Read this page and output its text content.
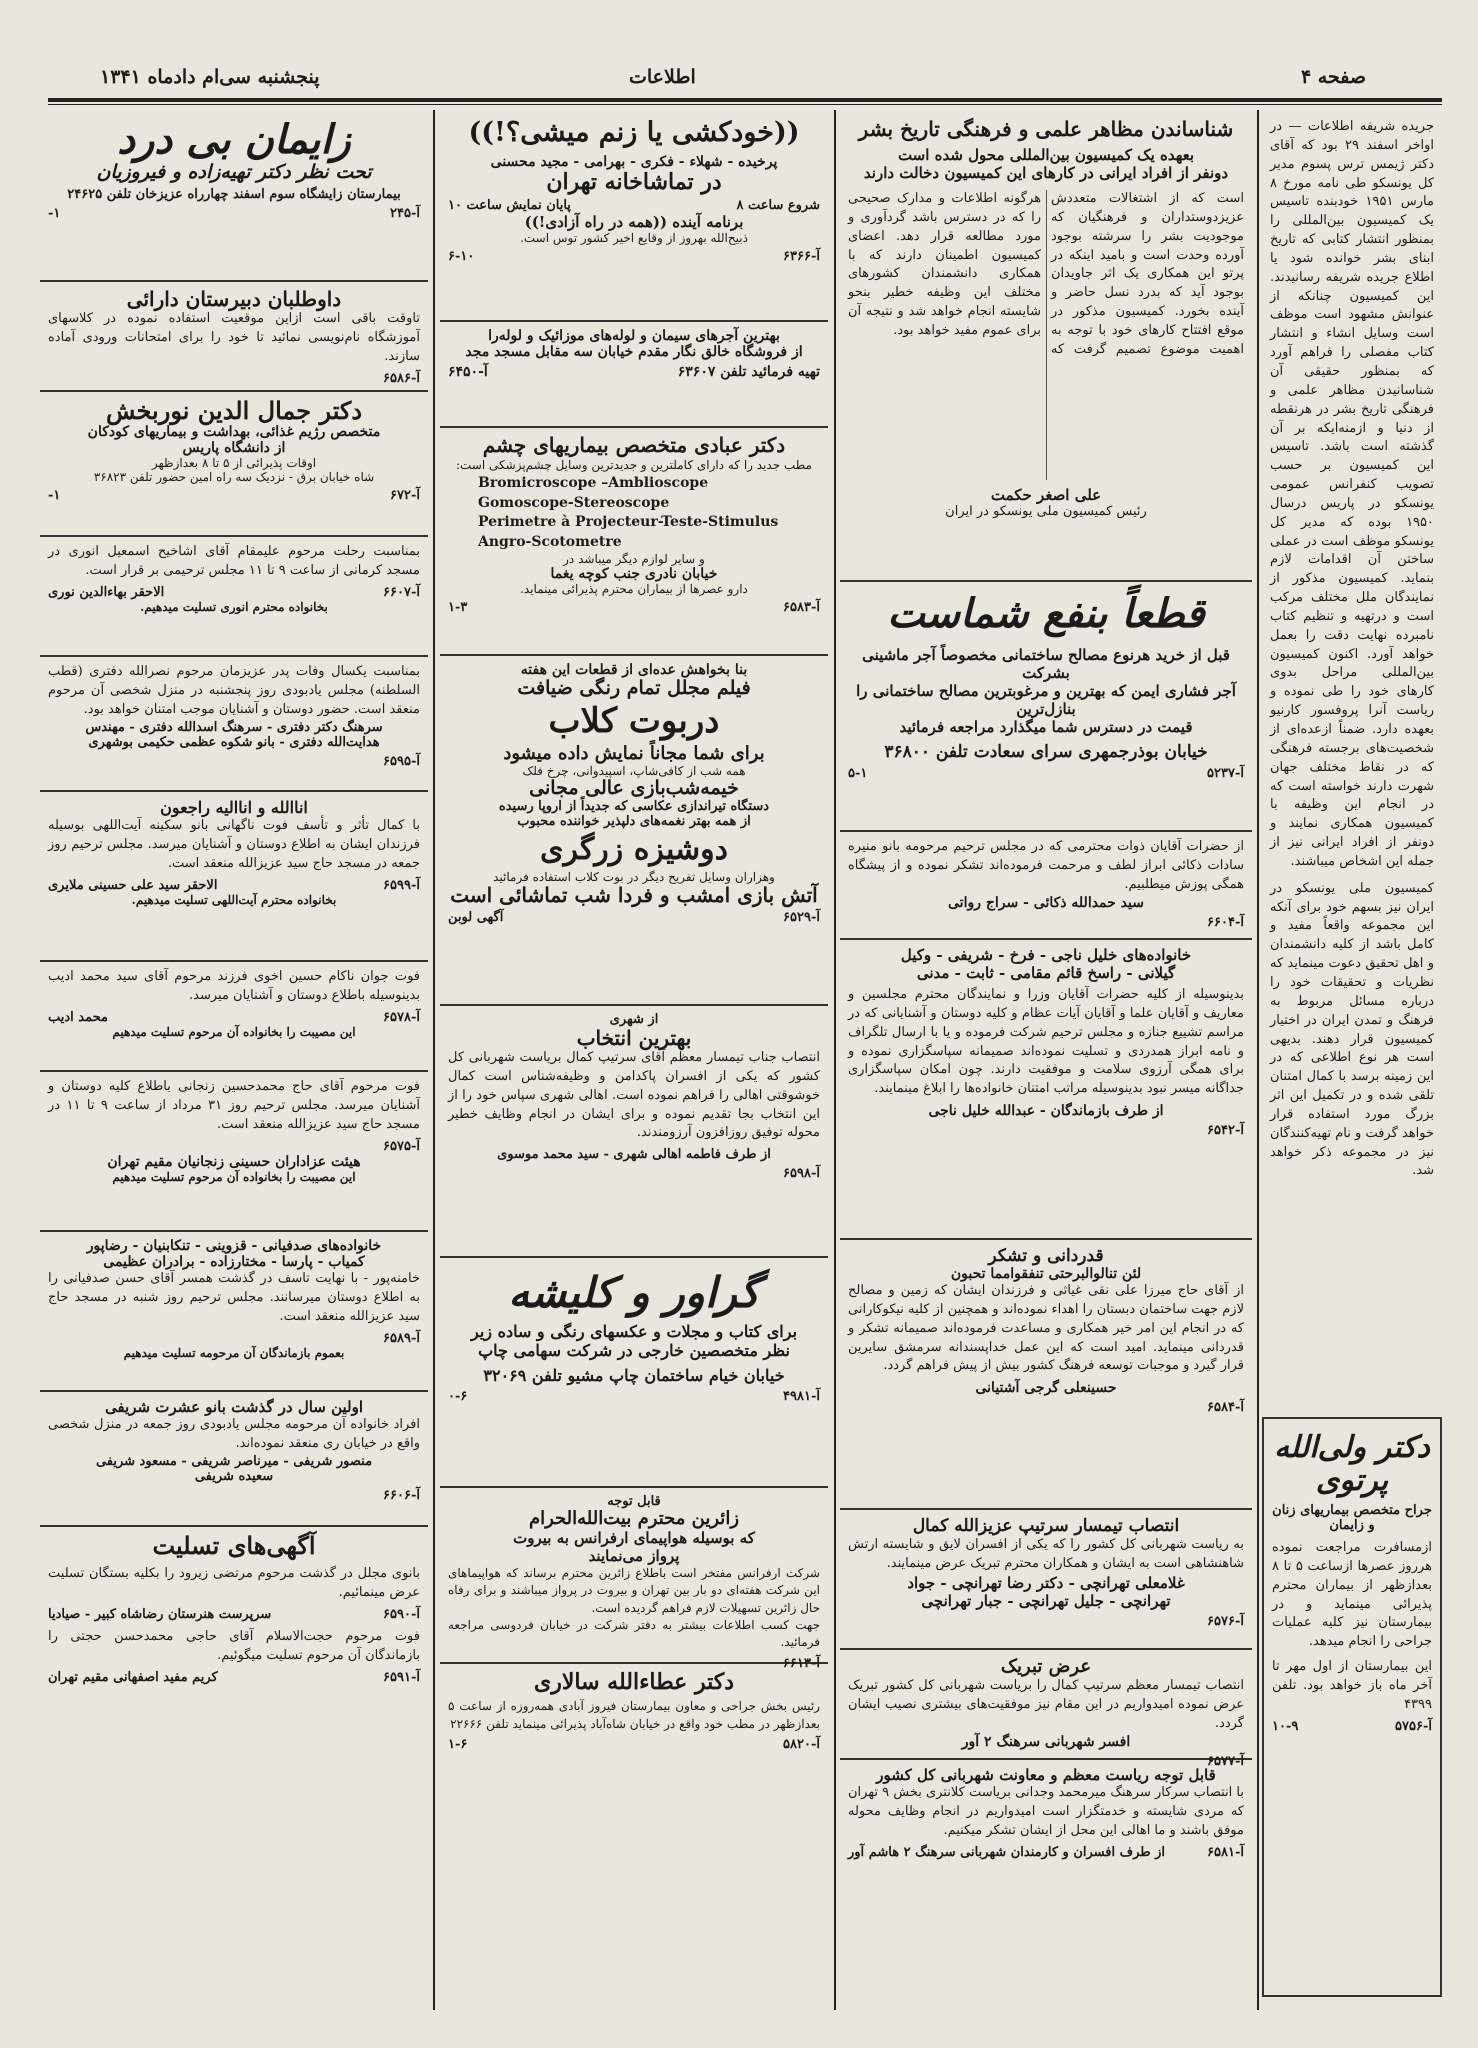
صفحه ۴
اطلاعات
پنجشنبه سی‌ام دادماه ۱۳۴۱
جریده شریفه اطلاعات — در اواخر اسفند ۲۹ بود که آقای دکتر ژیمس ترس پسوم مدیر کل یونسکو طی نامه مورخ ۸ مارس ۱۹۵۱ خودبنده تاسیس یک کمیسیون بین‌المللی را بمنظور انتشار کتابی که تاریخ ابنای بشر خوانده شود یا اطلاع جریده شریفه رسانیدند. این کمیسیون چنانکه از عنوانش مشهود است موظف است وسایل انشاء و انتشار کتاب مفصلی را فراهم آورد که بمنظور حقیقی آن شناسانیدن مظاهر علمی و فرهنگی تاریخ بشر در هرنقطه از دنیا و ازمنه‌ایکه بر آن گذشته است باشد. تاسیس این کمیسیون بر حسب تصویب کنفرانس عمومی یونسکو در پاریس درسال ۱۹۵۰ بوده که مدیر کل یونسکو موظف است در عملی ساختن آن اقدامات لازم بنماید. کمیسیون مذکور از نمایندگان ملل مختلف مرکب است و درتهیه و تنظیم کتاب نامبرده نهایت دقت را بعمل خواهد آورد. اکنون کمیسیون بین‌المللی مراحل بدوی کارهای خود را طی نموده و ریاست آنرا پروفسور کارنیو بعهده دارد. ضمناً ازعده‌ای از شخصیت‌های برجسته فرهنگی که در نقاط مختلف جهان شهرت دارند خواسته است که در انجام این وظیفه با کمیسیون همکاری نمایند و دونفر از افراد ایرانی نیز از جمله این اشخاص میباشند.
کمیسیون ملی یونسکو در ایران نیز بسهم خود برای آنکه این مجموعه واقعاً مفید و کامل باشد از کلیه دانشمندان و اهل تحقیق دعوت مینماید که نظریات و تحقیقات خود را درباره مسائل مربوط به فرهنگ و تمدن ایران در اختیار کمیسیون قرار دهند. بدیهی است هر نوع اطلاعی که در این زمینه برسد با کمال امتنان تلقی شده و در تکمیل این اثر بزرگ مورد استفاده قرار خواهد گرفت و نام تهیه‌کنندگان نیز در مجموعه ذکر خواهد شد.
دکتر ولی‌الله پرتوی
جراح متخصص بیماریهای زنان و زایمان
ازمسافرت مراجعت نموده هرروز عصرها ازساعت ۵ تا ۸ بعدازظهر از بیماران محترم پذیرائی مینماید و در بیمارستان نیز کلیه عملیات جراحی را انجام میدهد.
این بیمارستان از اول مهر تا آخر ماه باز خواهد بود. تلفن ۴۳۹۹
آ-۵۷۵۶
۱۰-۹
شناساندن مظاهر علمی و فرهنگی تاریخ بشر
بعهده یک کمیسیون بین‌المللی محول شده است
دونفر از افراد ایرانی در کارهای این کمیسیون دخالت دارند
است که از اشتغالات متعددش عزیزدوستداران و فرهنگیان که موجودیت بشر را سرشته بوجود آورده وحدت است و بامید اینکه در پرتو این همکاری یک اثر جاویدان بوجود آید که بدرد نسل حاضر و آینده بخورد. کمیسیون مذکور در موقع افتتاح کارهای خود با توجه به اهمیت موضوع تصمیم گرفت که هرگونه اطلاعات و مدارک صحیحی را که در دسترس باشد گردآوری و مورد مطالعه قرار دهد. اعضای کمیسیون اطمینان دارند که با همکاری دانشمندان کشورهای مختلف این وظیفه خطیر بنحو شایسته انجام خواهد شد و نتیجه آن برای عموم مفید خواهد بود.
علی اصغر حکمت
رئیس کمیسیون ملی یونسکو در ایران
قطعاً بنفع شماست
قبل از خرید هرنوع مصالح ساختمانی مخصوصاً آجر ماشینی بشرکت
آجر فشاری ایمن که بهترین و مرغوبترین مصالح ساختمانی را بنازل‌ترین
قیمت در دسترس شما میگذارد مراجعه فرمائید
خیابان بوذرجمهری سرای سعادت تلفن ۳۶۸۰۰
آ-۵۲۳۷
۵-۱
از حضرات آقایان ذوات محترمی که در مجلس ترحیم مرحومه بانو منیره سادات ذکائی ابراز لطف و مرحمت فرموده‌اند تشکر نموده و از پیشگاه همگی پوزش میطلبیم.
سید حمدالله ذکائی - سراج رواتی
آ-۶۶۰۴
خانواده‌های خلیل ناجی - فرخ - شریفی - وکیل
گیلانی - راسخ قائم مقامی - ثابت - مدنی
بدینوسیله از کلیه حضرات آقایان وزرا و نمایندگان محترم مجلسین و معاریف و آقایان علما و آقایان آیات عظام و کلیه دوستان و آشنایانی که در مراسم تشییع جنازه و مجلس ترحیم شرکت فرموده و یا با ارسال تلگراف و نامه ابراز همدردی و تسلیت نموده‌اند صمیمانه سپاسگزاری نموده و برای همگی آرزوی سلامت و موفقیت دارند. چون امکان سپاسگزاری جداگانه میسر نبود بدینوسیله مراتب امتنان خانواده‌ها را ابلاغ مینمایند.
از طرف بازماندگان - عبدالله خلیل ناجی
آ-۶۵۴۲
قدردانی و تشکر
لئن تنالوالبرحتی تنفقوامما تحبون
از آقای حاج میرزا علی نقی غیاثی و فرزندان ایشان که زمین و مصالح لازم جهت ساختمان دبستان را اهداء نموده‌اند و همچنین از کلیه نیکوکارانی که در انجام این امر خیر همکاری و مساعدت فرموده‌اند صمیمانه تشکر و قدردانی مینماید. امید است که این عمل خداپسندانه سرمشق سایرین قرار گیرد و موجبات توسعه فرهنگ کشور بیش از پیش فراهم گردد.
حسینعلی گرجی آشتیانی
آ-۶۵۸۴
انتصاب تیمسار سرتیپ عزیزالله کمال
به ریاست شهربانی کل کشور را که یکی از افسران لایق و شایسته ارتش شاهنشاهی است به ایشان و همکاران محترم تبریک عرض مینمایند.
غلامعلی تهرانچی - دکتر رضا تهرانچی - جواد
تهرانچی - جلیل تهرانچی - جبار تهرانچی
آ-۶۵۷۶
عرض تبریک
انتصاب تیمسار معظم سرتیپ کمال را بریاست شهربانی کل کشور تبریک عرض نموده امیدواریم در این مقام نیز موفقیت‌های بیشتری نصیب ایشان گردد.
افسر شهربانی سرهنگ ۲ آور
آ-۶۵۷۷
قابل توجه ریاست معظم و معاونت شهربانی کل کشور
با انتصاب سرکار سرهنگ میرمحمد وجدانی بریاست کلانتری بخش ۹ تهران که مردی شایسته و خدمتگزار است امیدواریم در انجام وظایف محوله موفق باشند و ما اهالی این محل از ایشان تشکر میکنیم.
آ-۶۵۸۱
از طرف افسران و کارمندان شهربانی سرهنگ ۲ هاشم آور
((خودکشی یا زنم میشی؟!))
پرخیده - شهلاء - فکری - بهرامی - مجید محسنی
در تماشاخانه تهران
شروع ساعت ۸
پایان نمایش ساعت ۱۰
برنامه آینده ((همه در راه آزادی!))
ذبیح‌الله بهروز از وقایع اخیر کشور توس است.
آ-۶۳۶۶
۶-۱۰
بهترین آجرهای سیمان و لوله‌های موزائیک و لوله‌را
از فروشگاه خالق نگار مقدم خیابان سه مقابل مسجد مجد
تهیه فرمائید تلفن ۶۳۶۰۷
آ-۶۴۵۰
دکتر عبادی متخصص بیماریهای چشم
مطب جدید را که دارای کاملترین و جدیدترین وسایل چشم‌پزشکی است:
Bromicroscope –Amblioscope
Gomoscope-Stereoscope
Perimetre à Projecteur-Teste-Stimulus
Angro-Scotometre
و سایر لوازم دیگر میباشد در
خیابان نادری جنب کوچه یغما
دارو عصرها از بیماران محترم پذیرائی مینماید.
آ-۶۵۸۳
۱-۳
بنا بخواهش عده‌ای از قطعات این هفته
فیلم مجلل تمام رنگی ضیافت
دربوت کلاب
برای شما مجاناً نمایش داده میشود
همه شب از کافی‌شاپ، اسپیدوانی، چرخ فلک
خیمه‌شب‌بازی عالی مجانی
دستگاه تیراندازی عکاسی که جدیداً از اروپا رسیده
از همه بهتر نغمه‌های دلپذیر خواننده محبوب
دوشیزه زرگری
وهزاران وسایل تفریح دیگر در بوت کلاب استفاده فرمائید
آتش بازی امشب و فردا شب تماشائی است
آ-۶۵۲۹
آگهی لوبن
از شهری
بهترین انتخاب
انتصاب جناب تیمسار معظم آقای سرتیپ کمال بریاست شهربانی کل کشور که یکی از افسران پاکدامن و وظیفه‌شناس است کمال خوشوقتی اهالی را فراهم نموده است. اهالی شهری سپاس خود را از این انتخاب بجا تقدیم نموده و برای ایشان در انجام وظایف خطیر محوله توفیق روزافزون آرزومندند.
از طرف فاطمه اهالی شهری - سید محمد موسوی
آ-۶۵۹۸
گراور و کلیشه
برای کتاب و مجلات و عکسهای رنگی و ساده زیر
نظر متخصصین خارجی در شرکت سهامی چاپ
خیابان خیام ساختمان چاپ مشیو تلفن ۳۲۰۶۹
آ-۴۹۸۱
۰-۶
قابل توجه
زائرین محترم بیت‌الله‌الحرام
که بوسیله هواپیمای ارفرانس به بیروت
پرواز می‌نمایند
شرکت ارفرانس مفتخر است باطلاع زائرین محترم برساند که هواپیماهای این شرکت هفته‌ای دو بار بین تهران و بیروت در پرواز میباشند و برای رفاه حال زائرین تسهیلات لازم فراهم گردیده است.
جهت کسب اطلاعات بیشتر به دفتر شرکت در خیابان فردوسی مراجعه فرمائید.
آ-۶۶۱۳
دکتر عطاءالله سالاری
رئیس بخش جراحی و معاون بیمارستان فیروز آبادی همه‌روزه از ساعت ۵ بعدازظهر در مطب خود واقع در خیابان شاه‌آباد پذیرائی مینماید تلفن ۲۲۶۶۶
آ-۵۸۲۰
۱-۶
زایمان بی درد
تحت نظر دکتر تهیه‌زاده و فیروزیان
بیمارستان زایشگاه سوم اسفند چهارراه عزیزخان تلفن ۲۴۶۲۵
آ-۲۴۵
۱-
داوطلبان دبیرستان دارائی
تاوقت باقی است ازاین موقعیت استفاده نموده در کلاسهای آموزشگاه نام‌نویسی نمائید تا خود را برای امتحانات ورودی آماده سازند.
آ-۶۵۸۶
دکتر جمال الدین نوربخش
متخصص رژیم غذائی، بهداشت و بیماریهای کودکان
از دانشگاه پاریس
اوقات پذیرائی از ۵ تا ۸ بعدازظهر
شاه خیابان برق - نزدیک سه راه امین حضور تلفن ۳۶۸۲۳
آ-۶۷۲
۱-
بمناسبت رحلت مرحوم علیمقام آقای اشاخیح اسمعیل انوری در مسجد کرمانی از ساعت ۹ تا ۱۱ مجلس ترحیمی بر قرار است.
آ-۶۶۰۷
الاحقر بهاءالدین نوری
بخانواده محترم انوری تسلیت میدهیم.
بمناسبت یکسال وفات پدر عزیزمان مرحوم نصرالله دفتری (قطب السلطنه) مجلس یادبودی روز پنجشنبه در منزل شخصی آن مرحوم منعقد است. حضور دوستان و آشنایان موجب امتنان خواهد بود.
سرهنگ دکتر دفتری - سرهنگ اسدالله دفتری - مهندس
هدایت‌الله دفتری - بانو شکوه عظمی حکیمی بوشهری
آ-۶۵۹۵
اناالله و اناالیه راجعون
با کمال تأثر و تأسف فوت ناگهانی بانو سکینه آیت‌اللهی بوسیله فرزندان ایشان به اطلاع دوستان و آشنایان میرسد. مجلس ترحیم روز جمعه در مسجد حاج سید عزیزالله منعقد است.
آ-۶۵۹۹
الاحقر سید علی حسینی ملایری
بخانواده محترم آیت‌اللهی تسلیت میدهیم.
فوت جوان ناکام حسین اخوی فرزند مرحوم آقای سید محمد ادیب بدینوسیله باطلاع دوستان و آشنایان میرسد.
آ-۶۵۷۸
محمد ادیب
این مصیبت را بخانواده آن مرحوم تسلیت میدهیم
فوت مرحوم آقای حاج محمدحسین زنجانی باطلاع کلیه دوستان و آشنایان میرسد. مجلس ترحیم روز ۳۱ مرداد از ساعت ۹ تا ۱۱ در مسجد حاج سید عزیزالله منعقد است.
آ-۶۵۷۵
هیئت عزاداران حسینی زنجانیان مقیم تهران
این مصیبت را بخانواده آن مرحوم تسلیت میدهیم
خانواده‌های صدفیانی - قزوینی - تنکابنیان - رضاپور
کمیاب - پارسا - مختارزاده - برادران عظیمی
خامنه‌پور - با نهایت تاسف در گذشت همسر آقای حسن صدفیانی را به اطلاع دوستان میرسانند. مجلس ترحیم روز شنبه در مسجد حاج سید عزیزالله منعقد است.
آ-۶۵۸۹
بعموم بازماندگان آن مرحومه تسلیت میدهیم
اولین سال در گذشت بانو عشرت شریفی
افراد خانواده آن مرحومه مجلس یادبودی روز جمعه در منزل شخصی واقع در خیابان ری منعقد نموده‌اند.
منصور شریفی - میرناصر شریفی - مسعود شریفی
سعیده شریفی
آ-۶۶۰۶
آگهی‌های تسلیت
بانوی مجلل در گذشت مرحوم مرتضی زیرود را بکلیه بستگان تسلیت عرض مینمائیم.
آ-۶۵۹۰
سرپرست هنرستان رضاشاه کبیر - صیادیا
فوت مرحوم حجت‌الاسلام آقای حاجی محمدحسن حجتی را بازماندگان آن مرحوم تسلیت میگوئیم.
آ-۶۵۹۱
کریم مفید اصفهانی مقیم تهران
